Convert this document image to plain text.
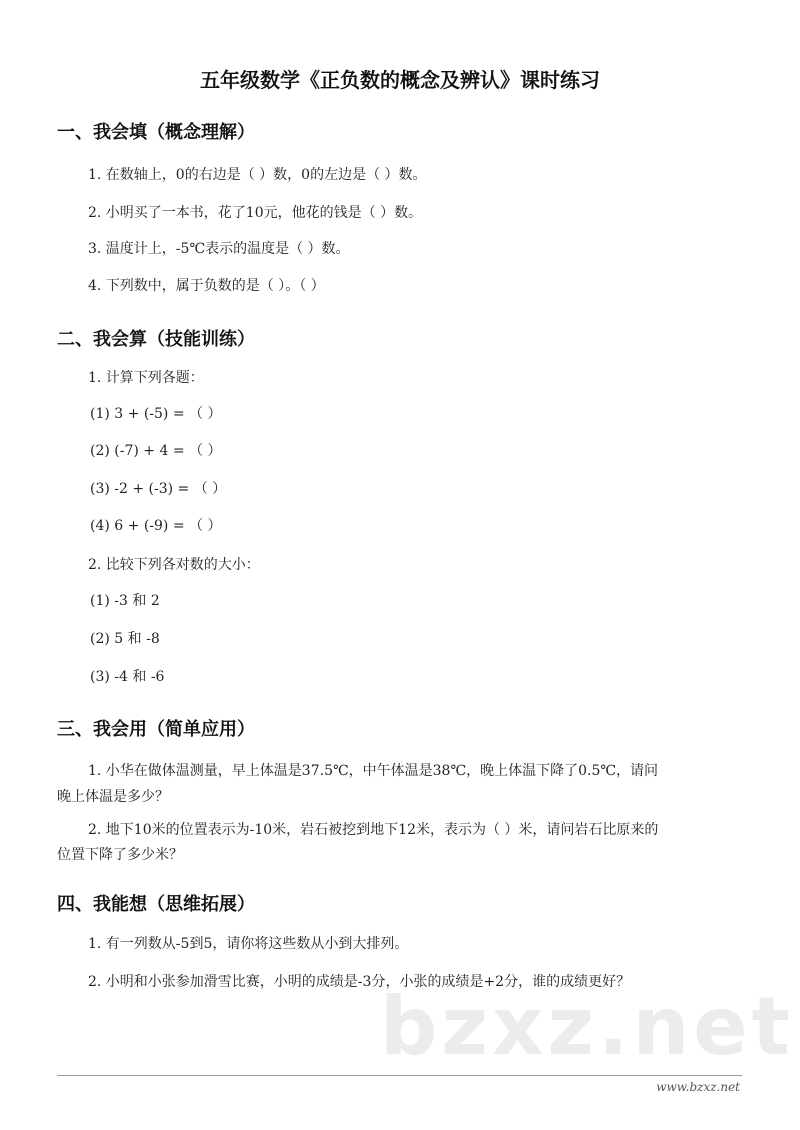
五年级数学《正负数的概念及辨认》课时练习
一、我会填（概念理解）
1. 在数轴上，0的右边是（ ）数，0的左边是（ ）数。
2. 小明买了一本书，花了10元，他花的钱是（ ）数。
3. 温度计上，-5℃表示的温度是（ ）数。
4. 下列数中，属于负数的是（ ）。（ ）
二、我会算（技能训练）
1. 计算下列各题：
(1) 3 + (-5) = （ ）
(2) (-7) + 4 = （ ）
(3) -2 + (-3) = （ ）
(4) 6 + (-9) = （ ）
2. 比较下列各对数的大小：
(1) -3 和 2
(2) 5 和 -8
(3) -4 和 -6
三、我会用（简单应用）
1. 小华在做体温测量，早上体温是37.5℃，中午体温是38℃，晚上体温下降了0.5℃，请问
晚上体温是多少？
2. 地下10米的位置表示为-10米，岩石被挖到地下12米，表示为（ ）米，请问岩石比原来的
位置下降了多少米？
四、我能想（思维拓展）
1. 有一列数从-5到5，请你将这些数从小到大排列。
2. 小明和小张参加滑雪比赛，小明的成绩是-3分，小张的成绩是+2分，谁的成绩更好？
bzxz.net
www.bzxz.net
